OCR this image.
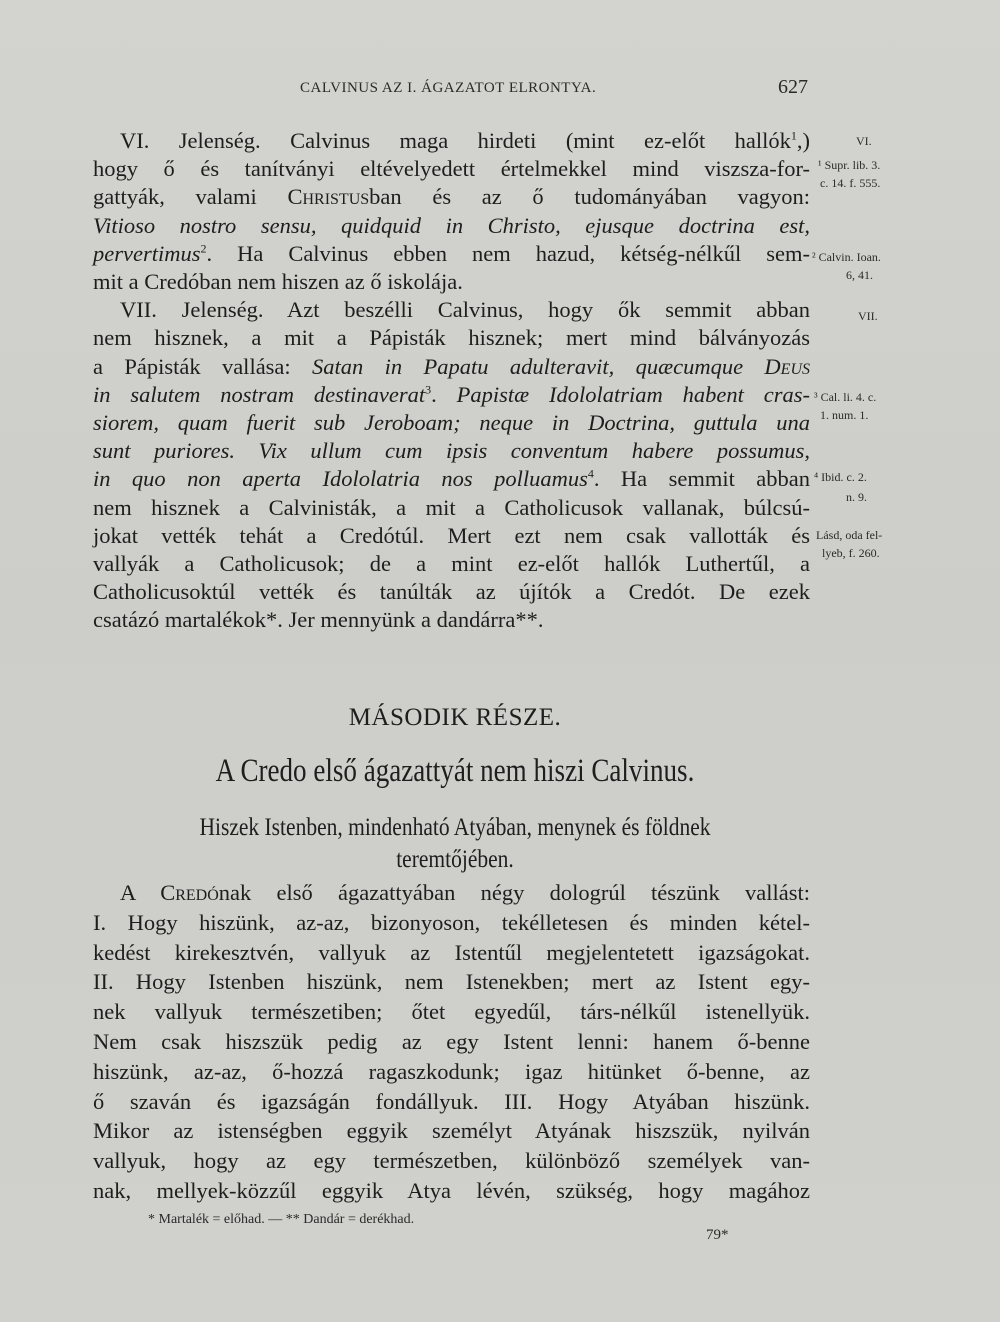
CALVINUS AZ I. ÁGAZATOT ELRONTYA.	627
VI. Jelenség. Calvinus maga hirdeti (mint ez-előt hallók$^1$,)
hogy ő és tanítványi eltévelyedett értelmekkel mind viszsza-for-
gattyák, valami Christusban és az ő tudományában vagyon:
Vitioso nostro sensu, quidquid in Christo, ejusque doctrina est,
pervertimus$^2$. Ha Calvinus ebben nem hazud, kétség-nélkűl sem-
mit a Credóban nem hiszen az ő iskolája.
VII. Jelenség. Azt beszélli Calvinus, hogy ők semmit abban
nem hisznek, a mit a Pápisták hisznek; mert mind bálványozás
a Pápisták vallása: Satan in Papatu adulteravit, quæcumque Deus
in salutem nostram destinaverat$^3$. Papistæ Idololatriam habent cras-
siorem, quam fuerit sub Jeroboam; neque in Doctrina, guttula una
sunt puriores. Vix ullum cum ipsis conventum habere possumus,
in quo non aperta Idololatria nos polluamus$^4$. Ha semmit abban
nem hisznek a Calvinisták, a mit a Catholicusok vallanak, búlcsú-
jokat vették tehát a Credótúl. Mert ezt nem csak vallották és
vallyák a Catholicusok; de a mint ez-előt hallók Luthertűl, a
Catholicusoktúl vették és tanúlták az újítók a Credót. De ezek
csatázó martalékok*. Jer mennyünk a dandárra**.
VI.
¹ Supr. lib. 3.
c. 14. f. 555.
² Calvin. Ioan.
6, 41.
VII.
³ Cal. li. 4. c.
1. num. 1.
⁴ Ibid. c. 2.
n. 9.
Lásd, oda fel-
lyeb, f. 260.
MÁSODIK RÉSZE.
A Credo első ágazattyát nem hiszi Calvinus.
Hiszek Istenben, mindenható Atyában, menynek és földnek
teremtőjében.
A Credónak első ágazattyában négy dologrúl tészünk vallást:
I. Hogy hiszünk, az-az, bizonyoson, tekélletesen és minden kétel-
kedést kirekesztvén, vallyuk az Istentűl megjelentetett igazságokat.
II. Hogy Istenben hiszünk, nem Istenekben; mert az Istent egy-
nek vallyuk természetiben; őtet egyedűl, társ-nélkűl istenellyük.
Nem csak hiszszük pedig az egy Istent lenni: hanem ő-benne
hiszünk, az-az, ő-hozzá ragaszkodunk; igaz hitünket ő-benne, az
ő szaván és igazságán fondállyuk. III. Hogy Atyában hiszünk.
Mikor az istenségben eggyik személyt Atyának hiszszük, nyilván
vallyuk, hogy az egy természetben, különböző személyek van-
nak, mellyek-közzűl eggyik Atya lévén, szükség, hogy magához
* Martalék = előhad. — ** Dandár = derékhad.
79*
